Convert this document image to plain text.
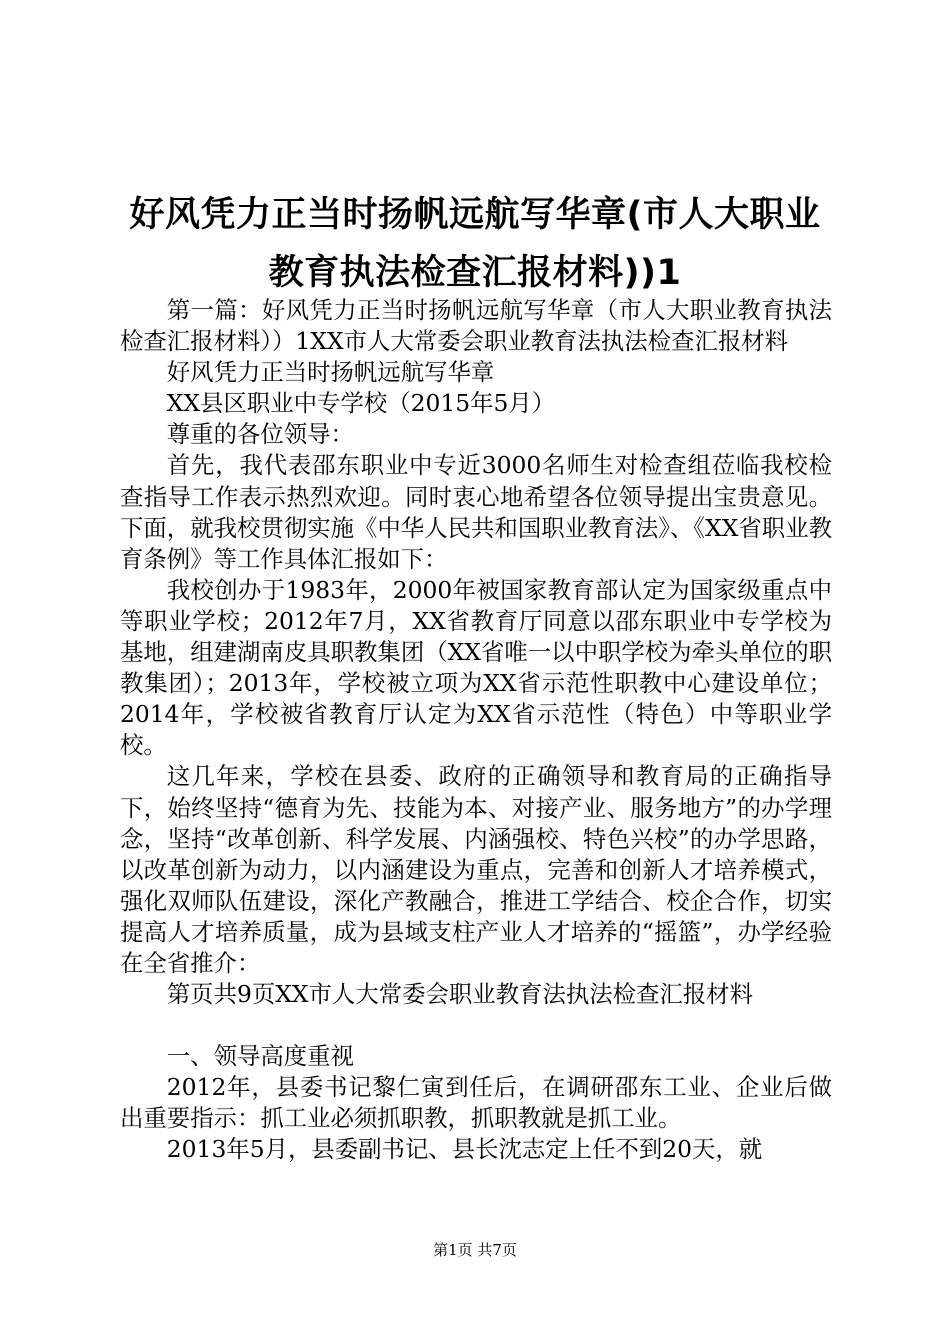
好风凭力正当时扬帆远航写华章(市人大职业
教育执法检查汇报材料))1

第一篇：好风凭力正当时扬帆远航写华章（市人大职业教育执法检查汇报材料））1XX市人大常委会职业教育法执法检查汇报材料

好风凭力正当时扬帆远航写华章

XX县区职业中专学校（2015年5月）

尊重的各位领导：

首先，我代表邵东职业中专近3000名师生对检查组莅临我校检查指导工作表示热烈欢迎。同时衷心地希望各位领导提出宝贵意见。下面，就我校贯彻实施《中华人民共和国职业教育法》、《XX省职业教育条例》等工作具体汇报如下：

我校创办于1983年，2000年被国家教育部认定为国家级重点中等职业学校；2012年7月，XX省教育厅同意以邵东职业中专学校为基地，组建湖南皮具职教集团（XX省唯一以中职学校为牵头单位的职教集团）；2013年，学校被立项为XX省示范性职教中心建设单位；2014年，学校被省教育厅认定为XX省示范性（特色）中等职业学校。

这几年来，学校在县委、政府的正确领导和教育局的正确指导下，始终坚持“德育为先、技能为本、对接产业、服务地方”的办学理念，坚持“改革创新、科学发展、内涵强校、特色兴校”的办学思路，以改革创新为动力，以内涵建设为重点，完善和创新人才培养模式，强化双师队伍建设，深化产教融合，推进工学结合、校企合作，切实提高人才培养质量，成为县域支柱产业人才培养的“摇篮”，办学经验在全省推介：

第页共9页XX市人大常委会职业教育法执法检查汇报材料

一、领导高度重视

2012年，县委书记黎仁寅到任后，在调研邵东工业、企业后做出重要指示：抓工业必须抓职教，抓职教就是抓工业。

2013年5月，县委副书记、县长沈志定上任不到20天，就

第1页 共7页
